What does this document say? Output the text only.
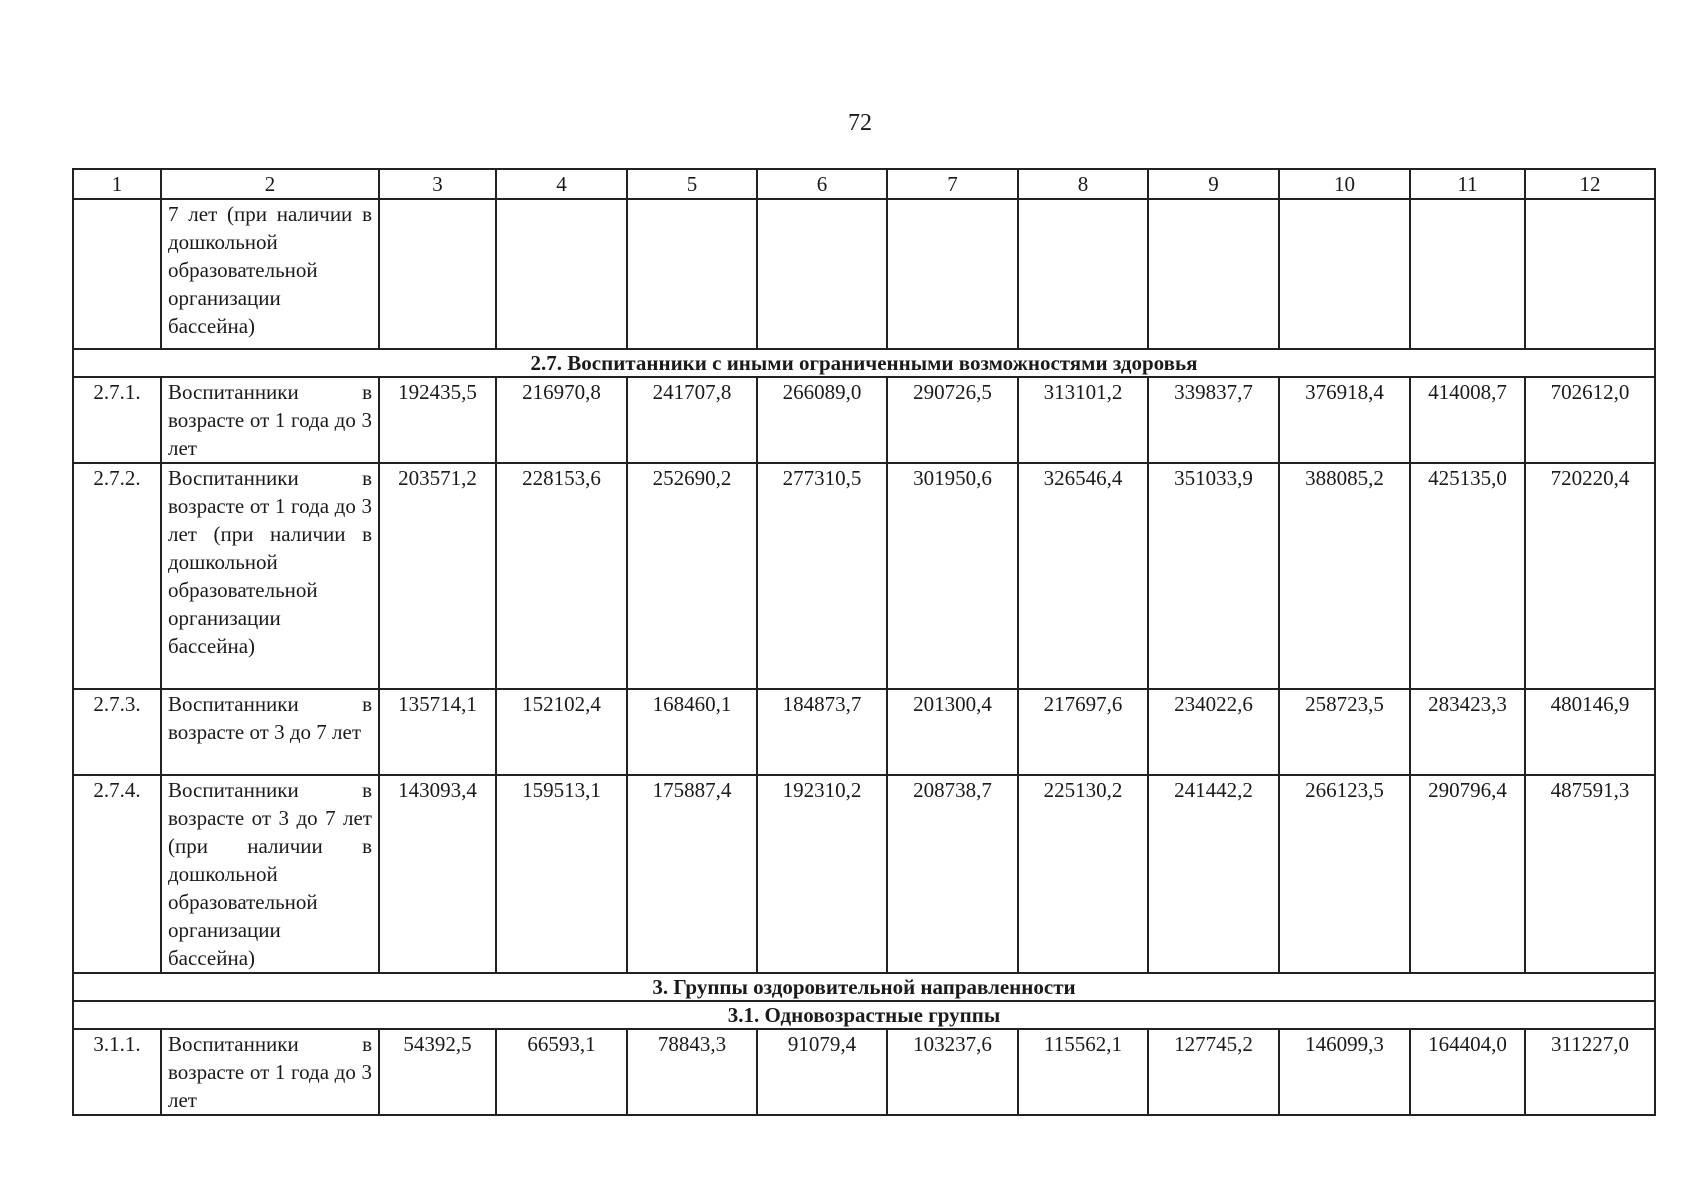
72
1	2	3	4	5	6	7	8	9	10	11	12
	7 лет (при наличии в дошкольной образовательной организации бассейна)										
2.7. Воспитанники с иными ограниченными возможностями здоровья											
2.7.1.	Воспитанники в возрасте от 1 года до 3 лет	192435,5	216970,8	241707,8	266089,0	290726,5	313101,2	339837,7	376918,4	414008,7	702612,0
2.7.2.	Воспитанники в возрасте от 1 года до 3 лет (при наличии в дошкольной образовательной организации бассейна)	203571,2	228153,6	252690,2	277310,5	301950,6	326546,4	351033,9	388085,2	425135,0	720220,4
2.7.3.	Воспитанники в возрасте от 3 до 7 лет	135714,1	152102,4	168460,1	184873,7	201300,4	217697,6	234022,6	258723,5	283423,3	480146,9
2.7.4.	Воспитанники в возрасте от 3 до 7 лет (при наличии в дошкольной образовательной организации бассейна)	143093,4	159513,1	175887,4	192310,2	208738,7	225130,2	241442,2	266123,5	290796,4	487591,3
3. Группы оздоровительной направленности											
3.1. Одновозрастные группы											
3.1.1.	Воспитанники в возрасте от 1 года до 3 лет	54392,5	66593,1	78843,3	91079,4	103237,6	115562,1	127745,2	146099,3	164404,0	311227,0
